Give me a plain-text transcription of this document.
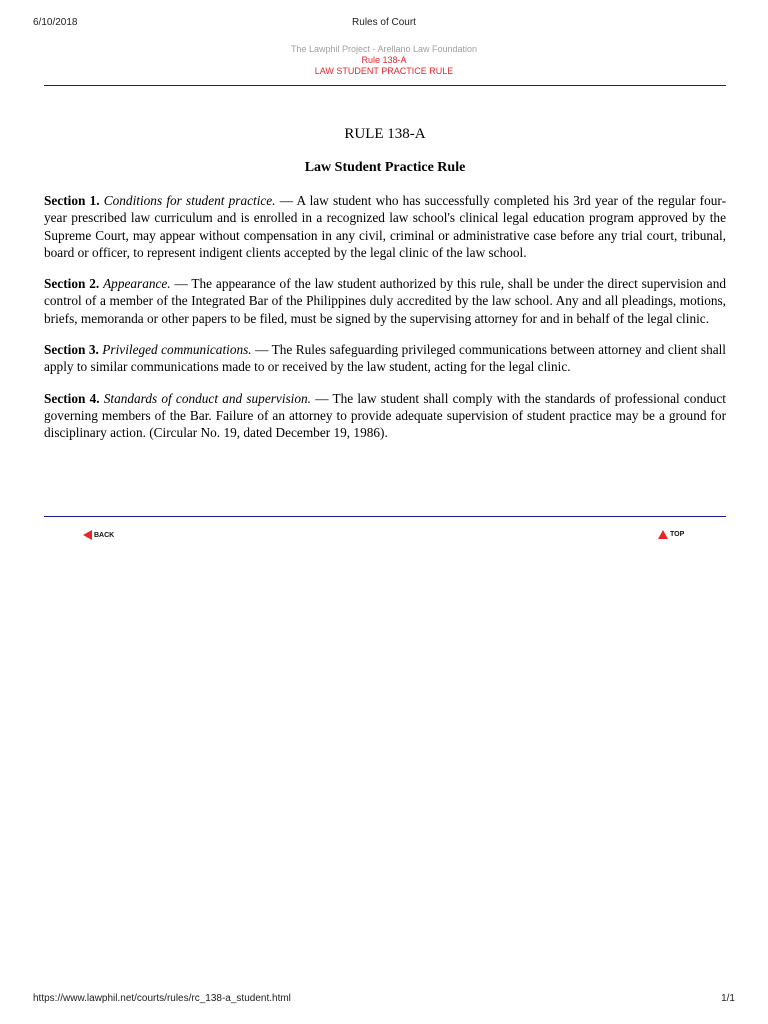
6/10/2018	Rules of Court
The Lawphil Project - Arellano Law Foundation
Rule 138-A
LAW STUDENT PRACTICE RULE
RULE 138-A
Law Student Practice Rule

Section 1. Conditions for student practice. — A law student who has successfully completed his 3rd year of the regular four-year prescribed law curriculum and is enrolled in a recognized law school's clinical legal education program approved by the Supreme Court, may appear without compensation in any civil, criminal or administrative case before any trial court, tribunal, board or officer, to represent indigent clients accepted by the legal clinic of the law school.

Section 2. Appearance. — The appearance of the law student authorized by this rule, shall be under the direct supervision and control of a member of the Integrated Bar of the Philippines duly accredited by the law school. Any and all pleadings, motions, briefs, memoranda or other papers to be filed, must be signed by the supervising attorney for and in behalf of the legal clinic.

Section 3. Privileged communications. — The Rules safeguarding privileged communications between attorney and client shall apply to similar communications made to or received by the law student, acting for the legal clinic.

Section 4. Standards of conduct and supervision. — The law student shall comply with the standards of professional conduct governing members of the Bar. Failure of an attorney to provide adequate supervision of student practice may be a ground for disciplinary action. (Circular No. 19, dated December 19, 1986).

BACK	TOP
https://www.lawphil.net/courts/rules/rc_138-a_student.html	1/1
